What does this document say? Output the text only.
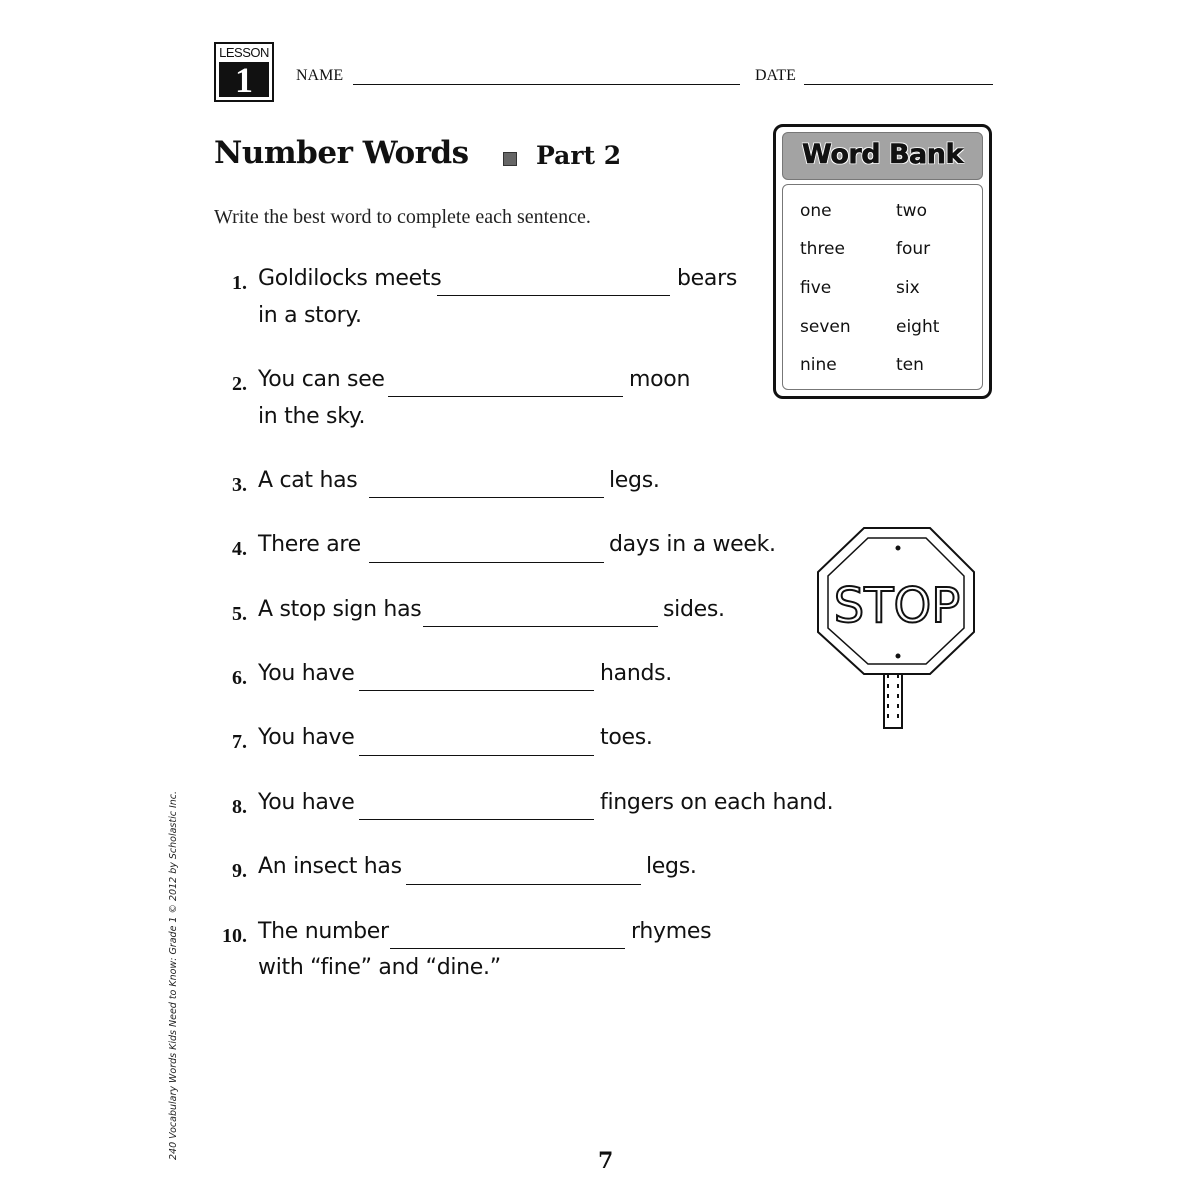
LESSON
1	NAME	DATE
Number Words	Part 2
Write the best word to complete each sentence.
Word Bank
one	two
three	four
five	six
seven	eight
nine	ten
1. Goldilocks meets	bears
in a story.
2. You can see	moon
in the sky.
3. A cat has	legs.
4. There are	days in a week.
5. A stop sign has	sides.
6. You have	hands.
7. You have	toes.
8. You have	fingers on each hand.
9. An insect has	legs.
10. The number	rhymes
with “fine” and “dine.”
STOP
240 Vocabulary Words Kids Need to Know: Grade 1 © 2012 by Scholastic Inc.
7
